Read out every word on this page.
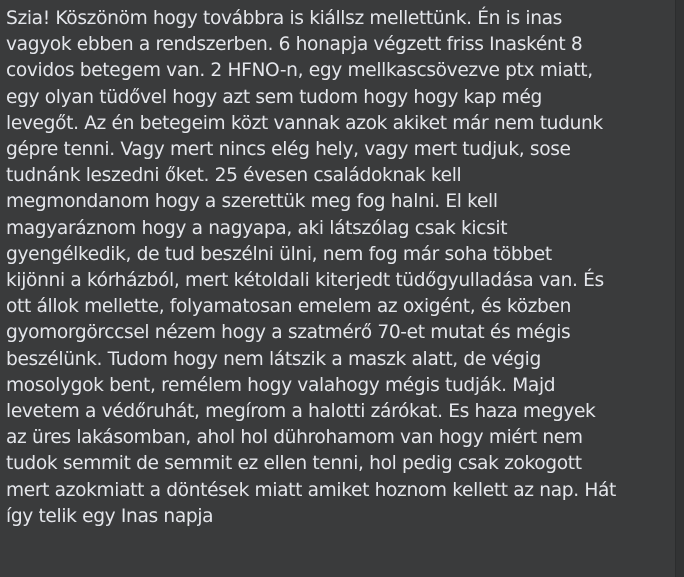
Szia! Köszönöm hogy továbbra is kiállsz mellettünk. Én is inas
vagyok ebben a rendszerben. 6 honapja végzett friss Inasként 8
covidos betegem van. 2 HFNO-n, egy mellkascsövezve ptx miatt,
egy olyan tüdővel hogy azt sem tudom hogy hogy kap még
levegőt. Az én betegeim közt vannak azok akiket már nem tudunk
gépre tenni. Vagy mert nincs elég hely, vagy mert tudjuk, sose
tudnánk leszedni őket. 25 évesen családoknak kell
megmondanom hogy a szerettük meg fog halni. El kell
magyaráznom hogy a nagyapa, aki látszólag csak kicsit
gyengélkedik, de tud beszélni ülni, nem fog már soha többet
kijönni a kórházból, mert kétoldali kiterjedt tüdőgyulladása van. És
ott állok mellette, folyamatosan emelem az oxigént, és közben
gyomorgörccsel nézem hogy a szatmérő 70-et mutat és mégis
beszélünk. Tudom hogy nem látszik a maszk alatt, de végig
mosolygok bent, remélem hogy valahogy mégis tudják. Majd
levetem a védőruhát, megírom a halotti zárókat. Es haza megyek
az üres lakásomban, ahol hol dührohamom van hogy miért nem
tudok semmit de semmit ez ellen tenni, hol pedig csak zokogott
mert azokmiatt a döntések miatt amiket hoznom kellett az nap. Hát
így telik egy Inas napja
